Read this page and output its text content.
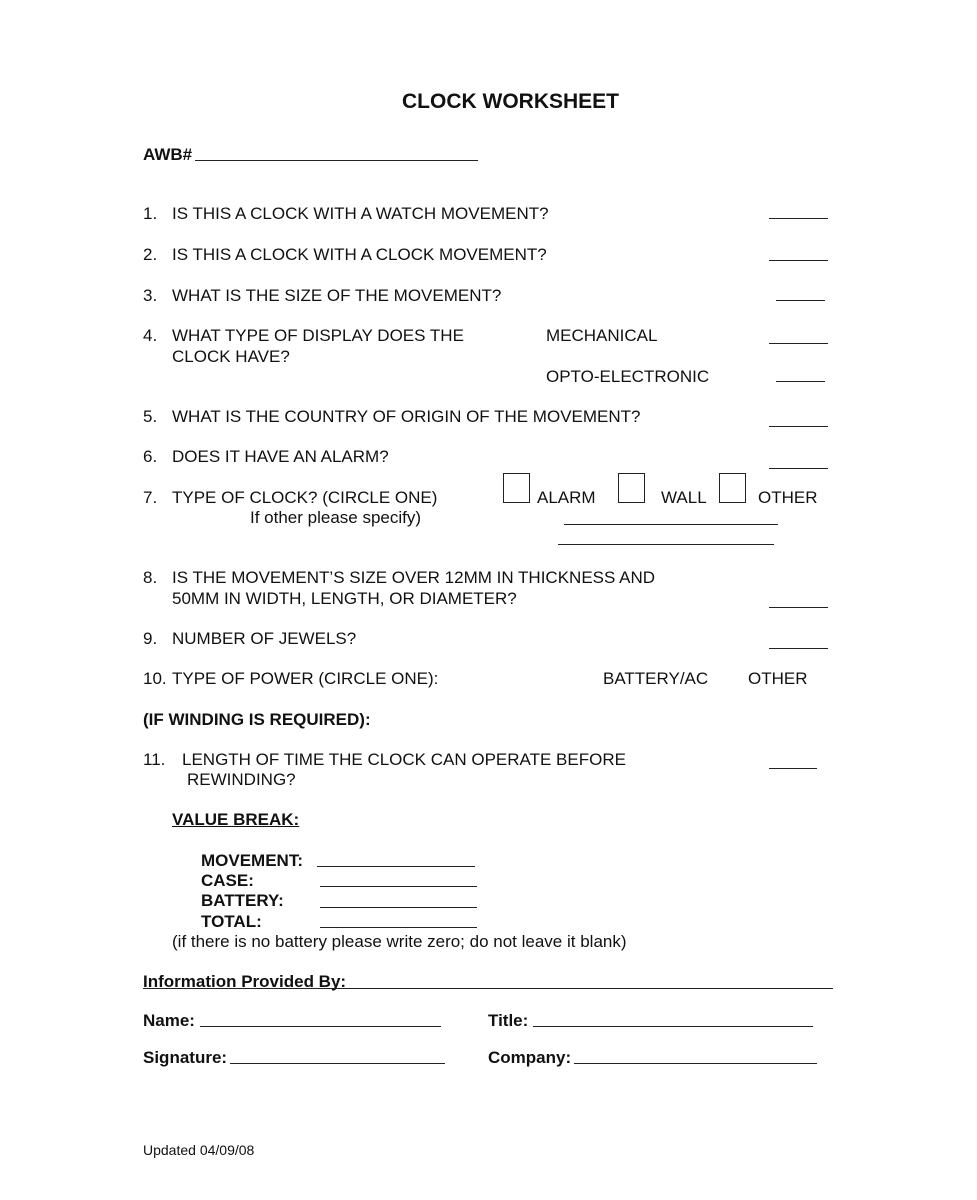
CLOCK WORKSHEET
AWB#
1. IS THIS A CLOCK WITH A WATCH MOVEMENT?
2. IS THIS A CLOCK WITH A CLOCK MOVEMENT?
3. WHAT IS THE SIZE OF THE MOVEMENT?
4. WHAT TYPE OF DISPLAY DOES THE
CLOCK HAVE?
MECHANICAL
OPTO-ELECTRONIC
5. WHAT IS THE COUNTRY OF ORIGIN OF THE MOVEMENT?
6. DOES IT HAVE AN ALARM?
7. TYPE OF CLOCK? (CIRCLE ONE)
If other please specify)
ALARM	WALL	OTHER
8. IS THE MOVEMENT’S SIZE OVER 12MM IN THICKNESS AND
50MM IN WIDTH, LENGTH, OR DIAMETER?
9. NUMBER OF JEWELS?
10. TYPE OF POWER (CIRCLE ONE):	BATTERY/AC OTHER
(IF WINDING IS REQUIRED):
11. LENGTH OF TIME THE CLOCK CAN OPERATE BEFORE
REWINDING?
VALUE BREAK:
MOVEMENT:
CASE:
BATTERY:
TOTAL:
(if there is no battery please write zero; do not leave it blank)
Information Provided By:
Name:	Title:
Signature:	Company:
Updated 04/09/08
